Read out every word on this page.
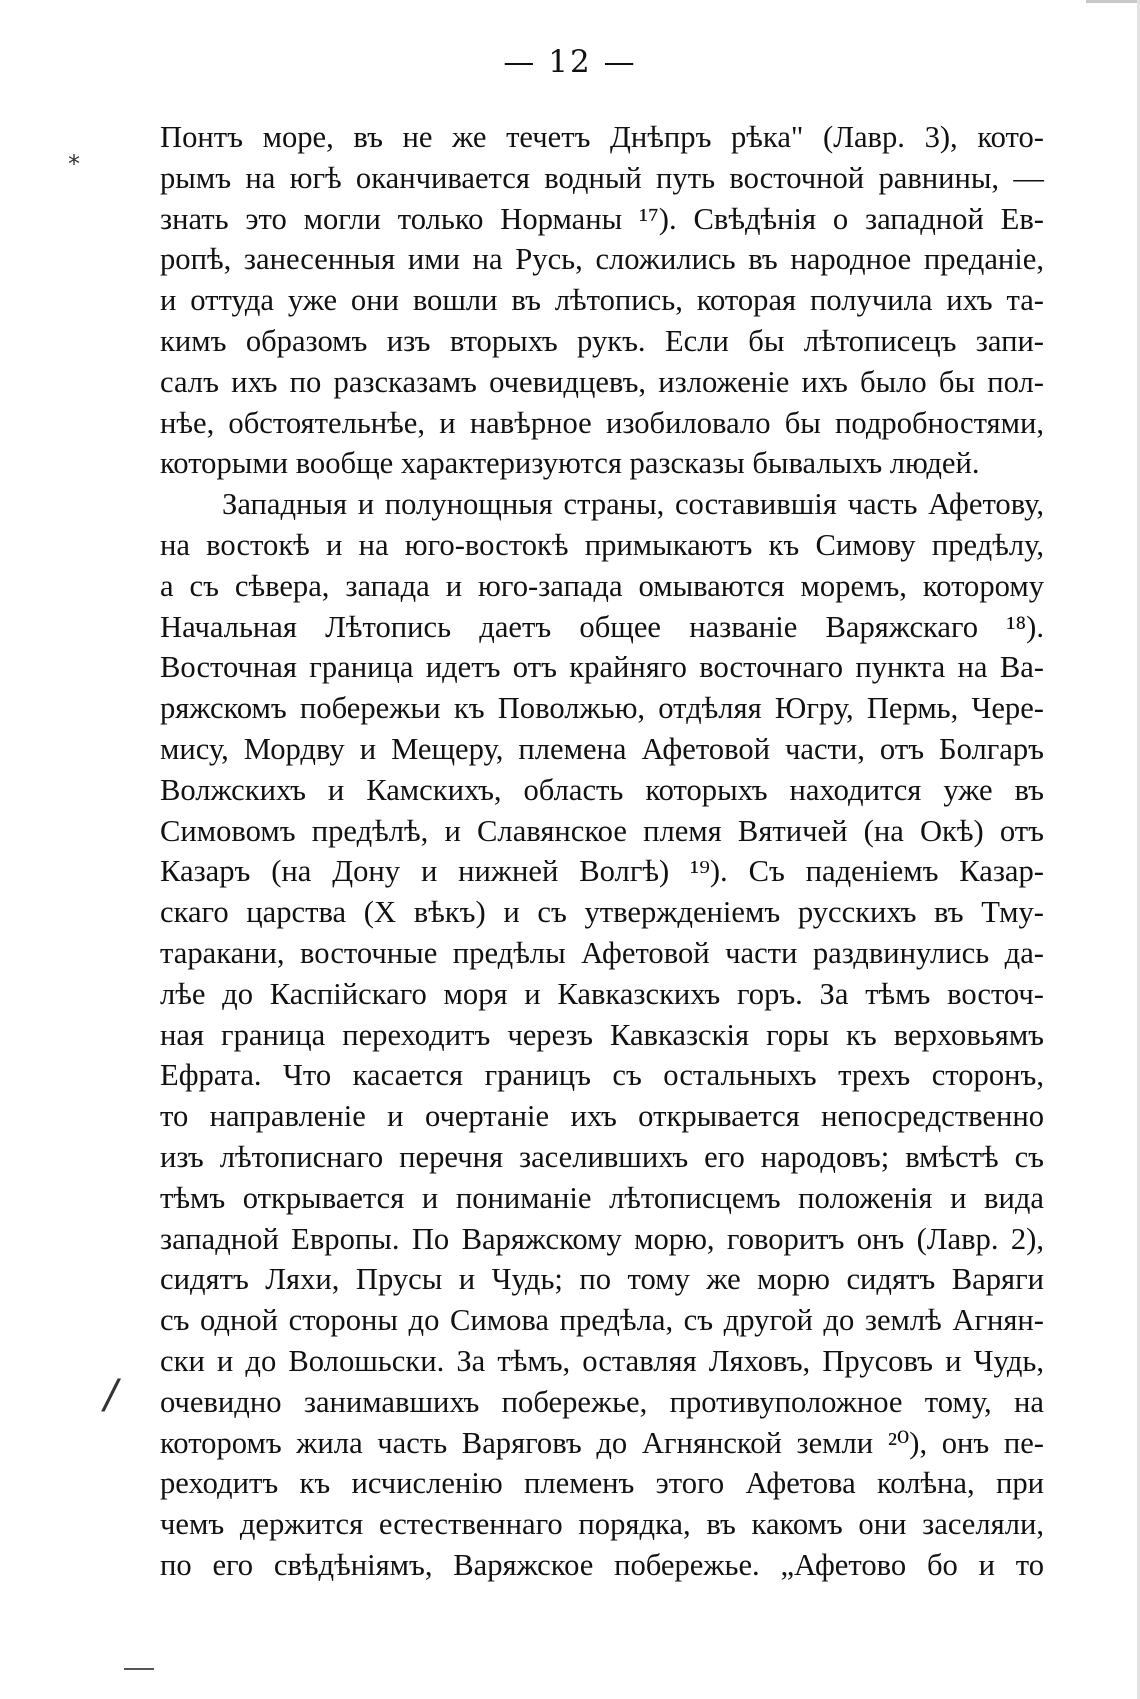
— 12 —
*
/
Понтъ море, въ не же течетъ Днѣпръ рѣка" (Лавр. 3), кото-
рымъ на югѣ оканчивается водный путь восточной равнины, —
знать это могли только Норманы ¹⁷). Свѣдѣнія о западной Ев-
ропѣ, занесенныя ими на Русь, сложились въ народное преданіе,
и оттуда уже они вошли въ лѣтопись, которая получила ихъ та-
кимъ образомъ изъ вторыхъ рукъ. Если бы лѣтописецъ запи-
салъ ихъ по разсказамъ очевидцевъ, изложеніе ихъ было бы пол-
нѣе, обстоятельнѣе, и навѣрное изобиловало бы подробностями,
которыми вообще характеризуются разсказы бывалыхъ людей.
Западныя и полунощныя страны, составившія часть Афетову,
на востокѣ и на юго-востокѣ примыкаютъ къ Симову предѣлу,
а съ сѣвера, запада и юго-запада омываются моремъ, которому
Начальная Лѣтопись даетъ общее названіе Варяжскаго ¹⁸).
Восточная граница идетъ отъ крайняго восточнаго пункта на Ва-
ряжскомъ побережьи къ Поволжью, отдѣляя Югру, Пермь, Чере-
мису, Мордву и Мещеру, племена Афетовой части, отъ Болгаръ
Волжскихъ и Камскихъ, область которыхъ находится уже въ
Симовомъ предѣлѣ, и Славянское племя Вятичей (на Окѣ) отъ
Казаръ (на Дону и нижней Волгѣ) ¹⁹). Съ паденіемъ Казар-
скаго царства (X вѣкъ) и съ утвержденіемъ русскихъ въ Тму-
таракани, восточные предѣлы Афетовой части раздвинулись да-
лѣе до Каспійскаго моря и Кавказскихъ горъ. За тѣмъ восточ-
ная граница переходитъ черезъ Кавказскія горы къ верховьямъ
Ефрата. Что касается границъ съ остальныхъ трехъ сторонъ,
то направленіе и очертаніе ихъ открывается непосредственно
изъ лѣтописнаго перечня заселившихъ его народовъ; вмѣстѣ съ
тѣмъ открывается и пониманіе лѣтописцемъ положенія и вида
западной Европы. По Варяжскому морю, говоритъ онъ (Лавр. 2),
сидятъ Ляхи, Прусы и Чудь; по тому же морю сидятъ Варяги
съ одной стороны до Симова предѣла, съ другой до землѣ Агнян-
ски и до Волошьски. За тѣмъ, оставляя Ляховъ, Прусовъ и Чудь,
очевидно занимавшихъ побережье, противуположное тому, на
которомъ жила часть Варяговъ до Агнянской земли ²⁰), онъ пе-
реходитъ къ исчисленію племенъ этого Афетова колѣна, при
чемъ держится естественнаго порядка, въ какомъ они заселяли,
по его свѣдѣніямъ, Варяжское побережье. „Афетово бо и то
